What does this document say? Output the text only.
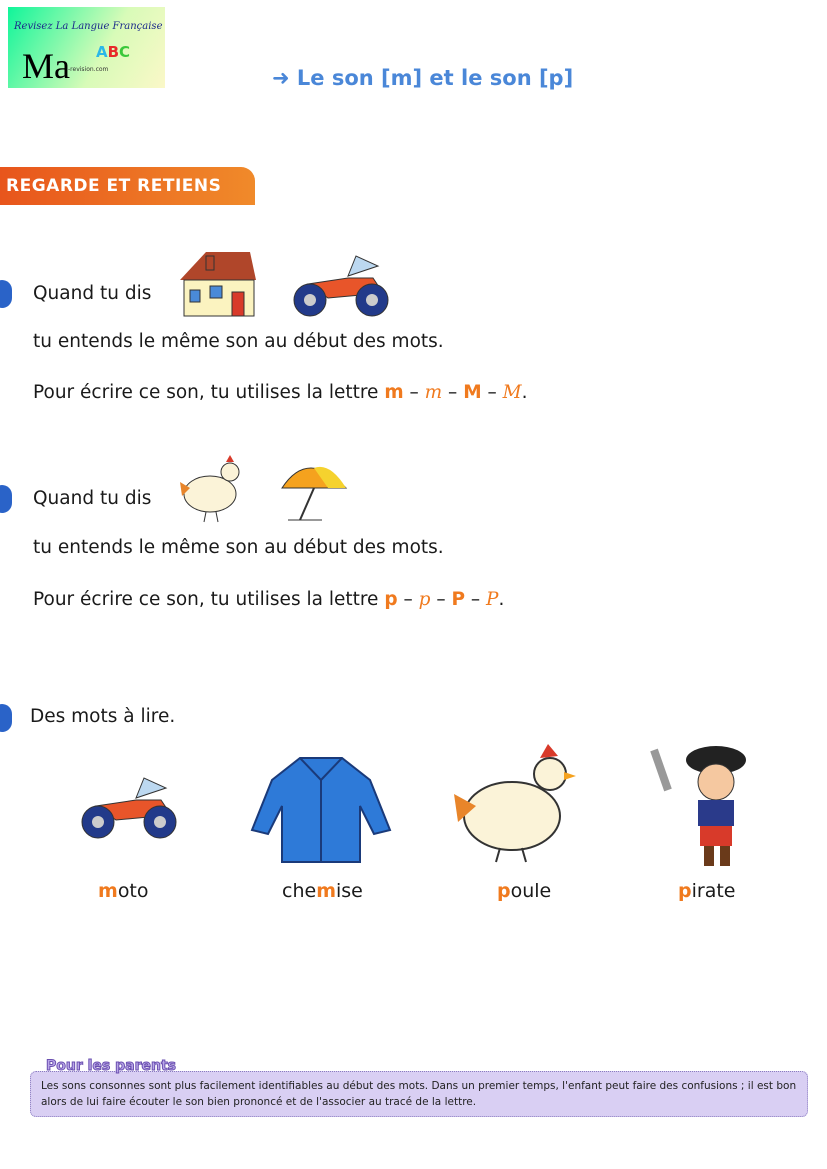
Revisez La Langue Française
Ma ABC
-revision.com	➜ Le son [m] et le son [p]
REGARDE ET RETIENS
Quand tu dis
tu entends le même son au début des mots.
Pour écrire ce son, tu utilises la lettre m – m – M – M.
Quand tu dis
tu entends le même son au début des mots.
Pour écrire ce son, tu utilises la lettre p – p – P – P.
Des mots à lire.
moto	chemise	poule	pirate
Les sons consonnes sont plus facilement identifiables au début des mots. Dans un premier temps, l'enfant peut faire des confusions ; il est bon alors de lui faire écouter le son bien prononcé et de l'associer au tracé de la lettre.
Pour les parents
